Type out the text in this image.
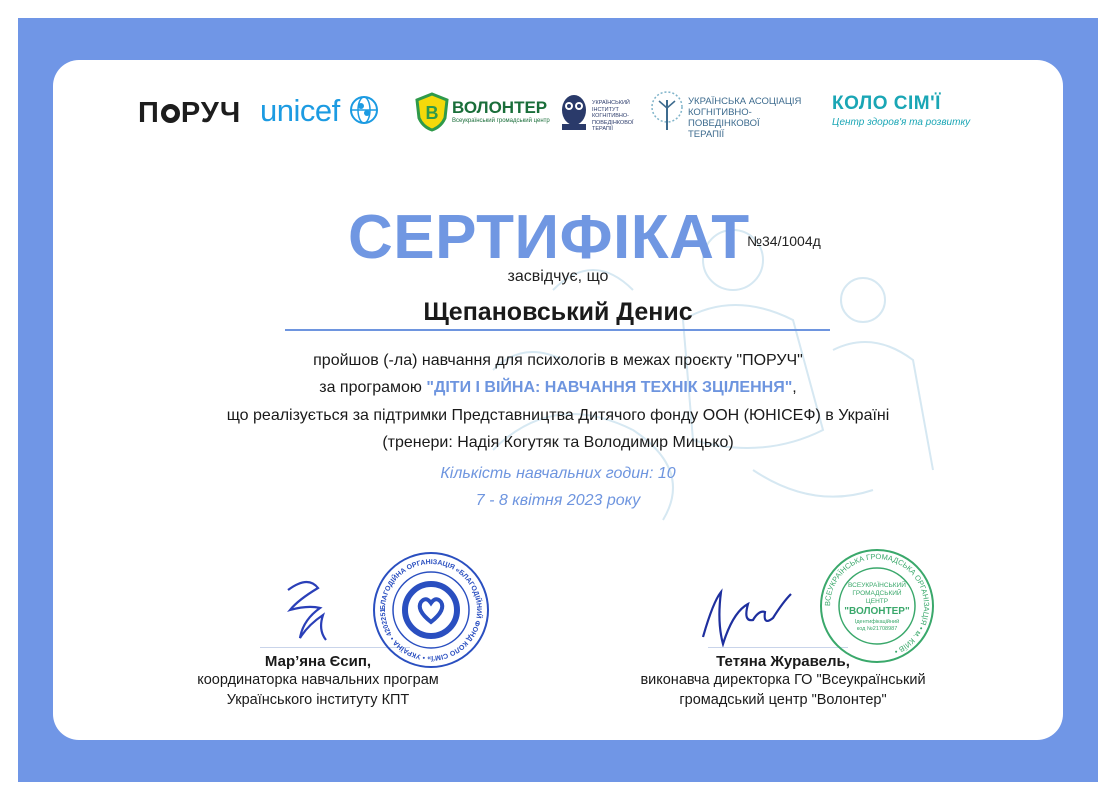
П РУЧ unicef	В ВОЛОНТЕР
Всеукраїнський громадський центр
УКРАЇНСЬКИЙ
ІНСТИТУТ
КОГНІТИВНО-
ПОВЕДІНКОВОЇ
ТЕРАПІЇ
УКРАЇНСЬКА АСОЦІАЦІЯ
КОГНІТИВНО-ПОВЕДІНКОВОЇ
ТЕРАПІЇ
КОЛО СІМ'Ї
Центр здоров'я та розвитку
СЕРТИФІКАТ
№34/1004д
засвідчує, що
Щепановський Денис
пройшов (-ла) навчання для психологів в межах проєкту "ПОРУЧ"
за програмою "ДІТИ І ВІЙНА: НАВЧАННЯ ТЕХНІК ЗЦІЛЕННЯ",
що реалізується за підтримки Представництва Дитячого фонду ООН (ЮНІСЕФ) в Україні
(тренери: Надія Когутяк та Володимир Мицько)
Кількість навчальних годин: 10
7 - 8 квітня 2023 року
БЛАГОДІЙНА ОРГАНІЗАЦІЯ «БЛАГОДІЙНИЙ ФОНД КОЛО СІМ'Ї» • УКРАЇНА • 4202251
Мар’яна Єсип,
координаторка навчальних програм
Українського інституту КПТ
ВСЕУКРАЇНСЬКА ГРОМАДСЬКА ОРГАНІЗАЦІЯ • м. КИЇВ •
ВСЕУКРАЇНСЬКИЙ
ГРОМАДСЬКИЙ
ЦЕНТР
"ВОЛОНТЕР"
Ідентифікаційний
код №21708987
Тетяна Журавель,
виконавча директорка ГО "Всеукраїнський
громадський центр "Волонтер"
